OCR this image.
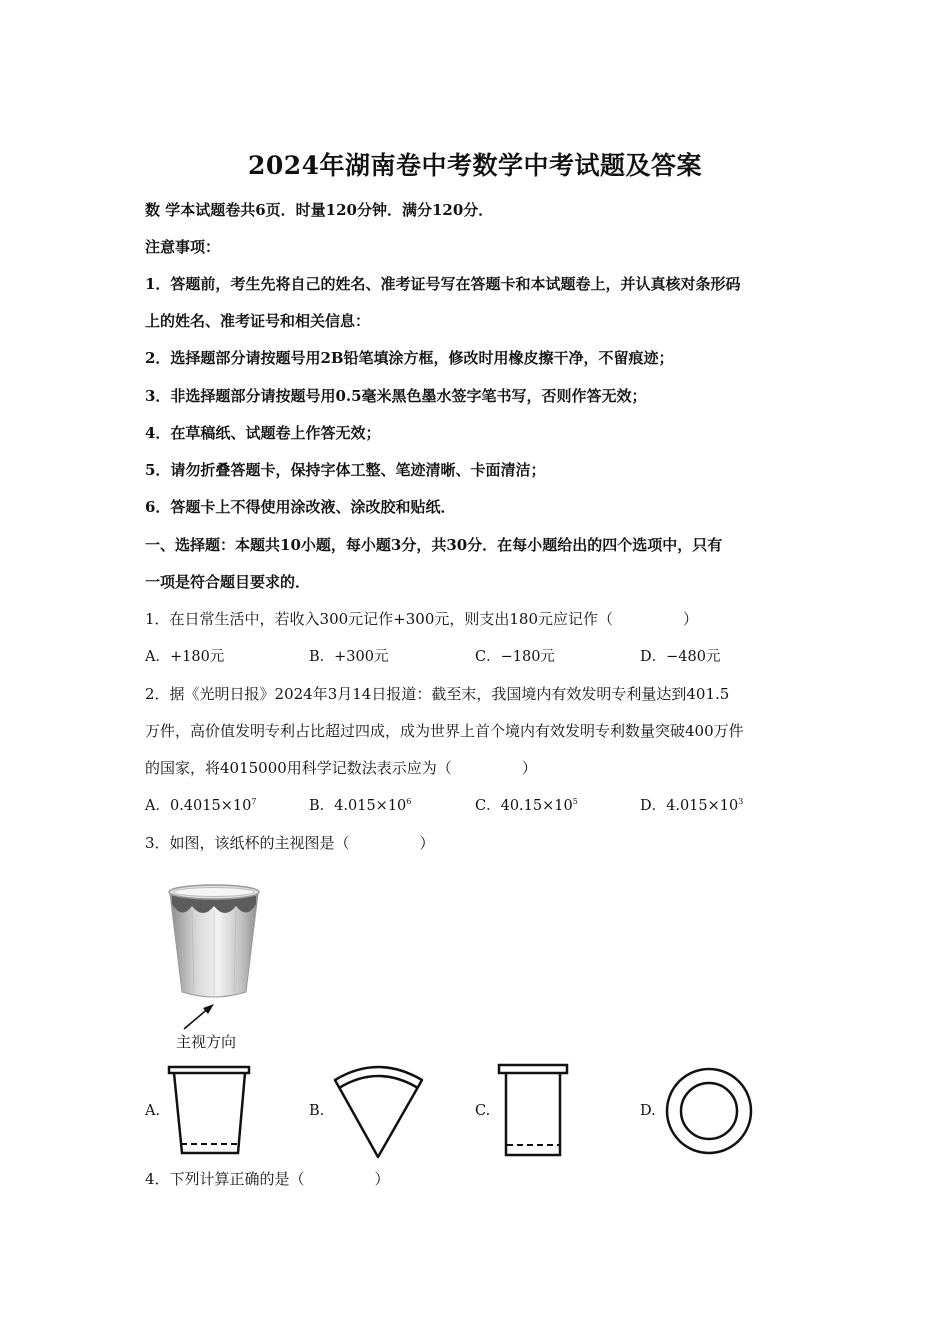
2024年湖南卷中考数学中考试题及答案
数 学本试题卷共6页．时量120分钟．满分120分．
注意事项：
1．答题前，考生先将自己的姓名、准考证号写在答题卡和本试题卷上，并认真核对条形码
上的姓名、准考证号和相关信息：
2．选择题部分请按题号用2B铅笔填涂方框，修改时用橡皮擦干净，不留痕迹；
3．非选择题部分请按题号用0.5毫米黑色墨水签字笔书写，否则作答无效；
4．在草稿纸、试题卷上作答无效；
5．请勿折叠答题卡，保持字体工整、笔迹清晰、卡面清洁；
6．答题卡上不得使用涂改液、涂改胶和贴纸．
一、选择题：本题共10小题，每小题3分，共30分．在每小题给出的四个选项中，只有
一项是符合题目要求的．
1．在日常生活中，若收入300元记作+300元，则支出180元应记作（	）
A．+180元	B．+300元	C．−180元	D．−480元
2．据《光明日报》2024年3月14日报道：截至末，我国境内有效发明专利量达到401.5
万件，高价值发明专利占比超过四成，成为世界上首个境内有效发明专利数量突破400万件
的国家，将4015000用科学记数法表示应为（	）
A．$0.4015\times 10^7$	B．$4.015\times 10^6$	C．$40.15\times 10^5$	D．$4.015\times 10^3$
3．如图，该纸杯的主视图是（	）
主视方向
A.	B.	C.	D.
4．下列计算正确的是（	）
